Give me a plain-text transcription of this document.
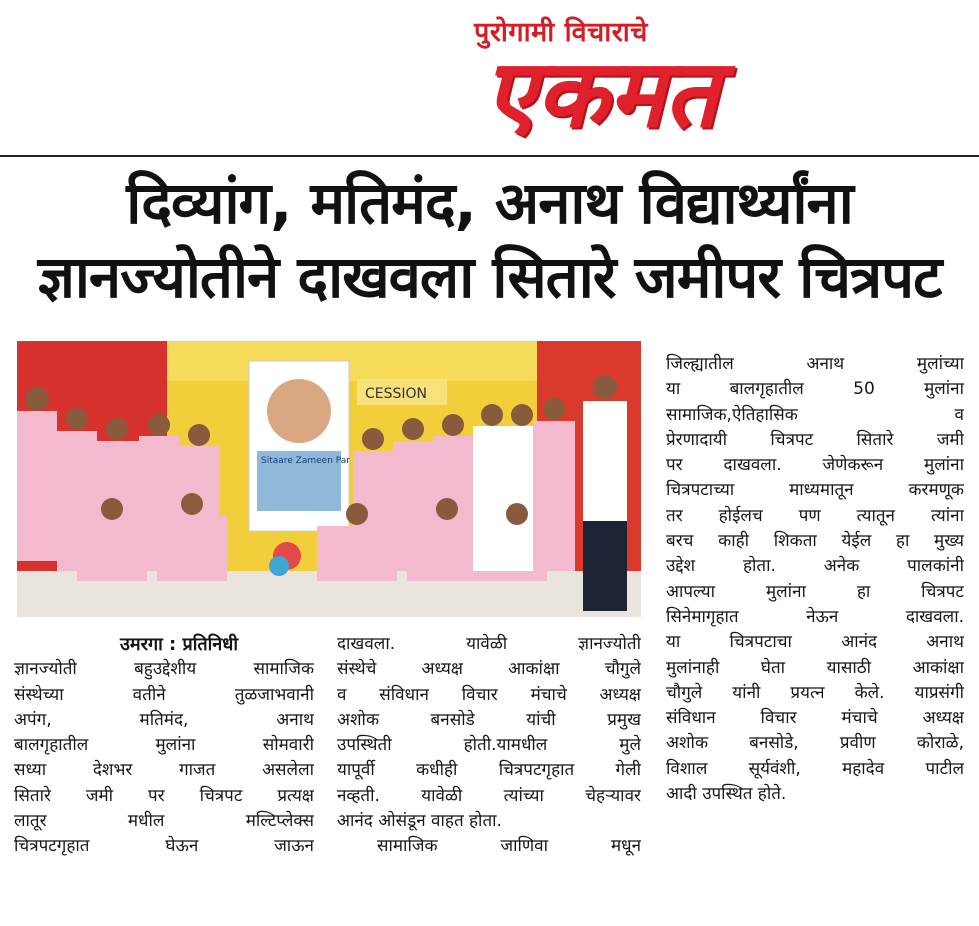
पुरोगामी विचाराचे
एकमत
दिव्यांग, मतिमंद, अनाथ विद्यार्थ्यांना
ज्ञानज्योतीने दाखवला सितारे जमीपर चित्रपट
CESSION
Sitaare Zameen Par
उमरगा : प्रतिनिधी
ज्ञानज्योती बहुउद्देशीय सामाजिक
संस्थेच्या वतीने तुळजाभवानी
अपंग, मतिमंद, अनाथ
बालगृहातील मुलांना सोमवारी
सध्या देशभर गाजत असलेला
सितारे जमी पर चित्रपट प्रत्यक्ष
लातूर मधील मल्टिप्लेक्स
चित्रपटगृहात घेऊन जाऊन
दाखवला. यावेळी ज्ञानज्योती
संस्थेचे अध्यक्ष आकांक्षा चौगुले
व संविधान विचार मंचाचे अध्यक्ष
अशोक बनसोडे यांची प्रमुख
उपस्थिती होती.यामधील मुले
यापूर्वी कधीही चित्रपटगृहात गेली
नव्हती. यावेळी त्यांच्या चेहऱ्यावर
आनंद ओसंडून वाहत होता.
सामाजिक जाणिवा मधून
जिल्ह्यातील अनाथ मुलांच्या
या बालगृहातील 50 मुलांना
सामाजिक,ऐतिहासिक व
प्रेरणादायी चित्रपट सितारे जमी
पर दाखवला. जेणेकरून मुलांना
चित्रपटाच्या माध्यमातून करमणूक
तर होईलच पण त्यातून त्यांना
बरच काही शिकता येईल हा मुख्य
उद्देश होता. अनेक पालकांनी
आपल्या मुलांना हा चित्रपट
सिनेमागृहात नेऊन दाखवला.
या चित्रपटाचा आनंद अनाथ
मुलांनाही घेता यासाठी आकांक्षा
चौगुले यांनी प्रयत्न केले. याप्रसंगी
संविधान विचार मंचाचे अध्यक्ष
अशोक बनसोडे, प्रवीण कोराळे,
विशाल सूर्यवंशी, महादेव पाटील
आदी उपस्थित होते.
